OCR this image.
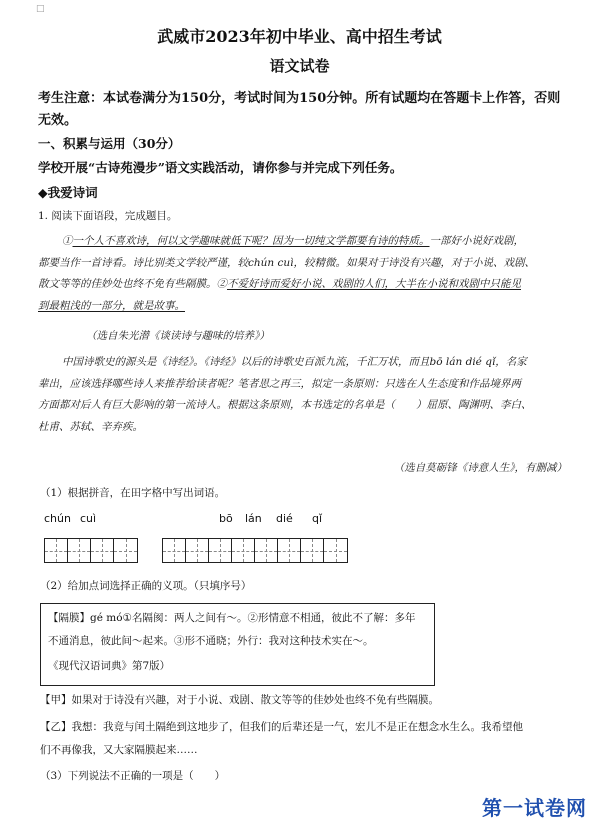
□
武威市2023年初中毕业、高中招生考试
语文试卷

考生注意：本试卷满分为150分，考试时间为150分钟。所有试题均在答题卡上作答，否则

无效。

一、积累与运用（30分）

学校开展“古诗苑漫步”语文实践活动，请你参与并完成下列任务。

◆我爱诗词

1. 阅读下面语段，完成题目。

①一个人不喜欢诗，何以文学趣味就低下呢？因为一切纯文学都要有诗的特质。一部好小说好戏剧，
都要当作一首诗看。诗比别类文学较严谨，较chún cuì，较精微。如果对于诗没有兴趣，对于小说、戏剧、
散文等等的佳妙处也终不免有些隔膜。②不爱好诗而爱好小说、戏剧的人们，大半在小说和戏剧中只能见
到最粗浅的一部分，就是故事。

（选自朱光潜《谈读诗与趣味的培养》）

中国诗歌史的源头是《诗经》。《诗经》以后的诗歌史百派九流，千汇万状，而且bō lán dié qǐ，名家
辈出，应该选择哪些诗人来推荐给读者呢？笔者思之再三，拟定一条原则：只选在人生态度和作品境界两
方面都对后人有巨大影响的第一流诗人。根据这条原则，本书选定的名单是（　　）屈原、陶渊明、李白、
杜甫、苏轼、辛弃疾。

（选自莫砺锋《诗意人生》，有删减）

（1）根据拼音，在田字格中写出词语。

chún cuì	bō lán dié qǐ

（2）给加点词选择正确的义项。（只填序号）

【隔膜】gé mó①名隔阂：两人之间有～。②形情意不相通，彼此不了解：多年

不通消息，彼此间～起来。③形不通晓；外行：我对这种技术实在～。

《现代汉语词典》第7版）

【甲】如果对于诗没有兴趣，对于小说、戏剧、散文等等的佳妙处也终不免有些隔膜。

【乙】我想：我竟与闰土隔绝到这地步了，但我们的后辈还是一气，宏儿不是正在想念水生么。我希望他

们不再像我，又大家隔膜起来……

（3）下列说法不正确的一项是（　　）

第一试卷网
